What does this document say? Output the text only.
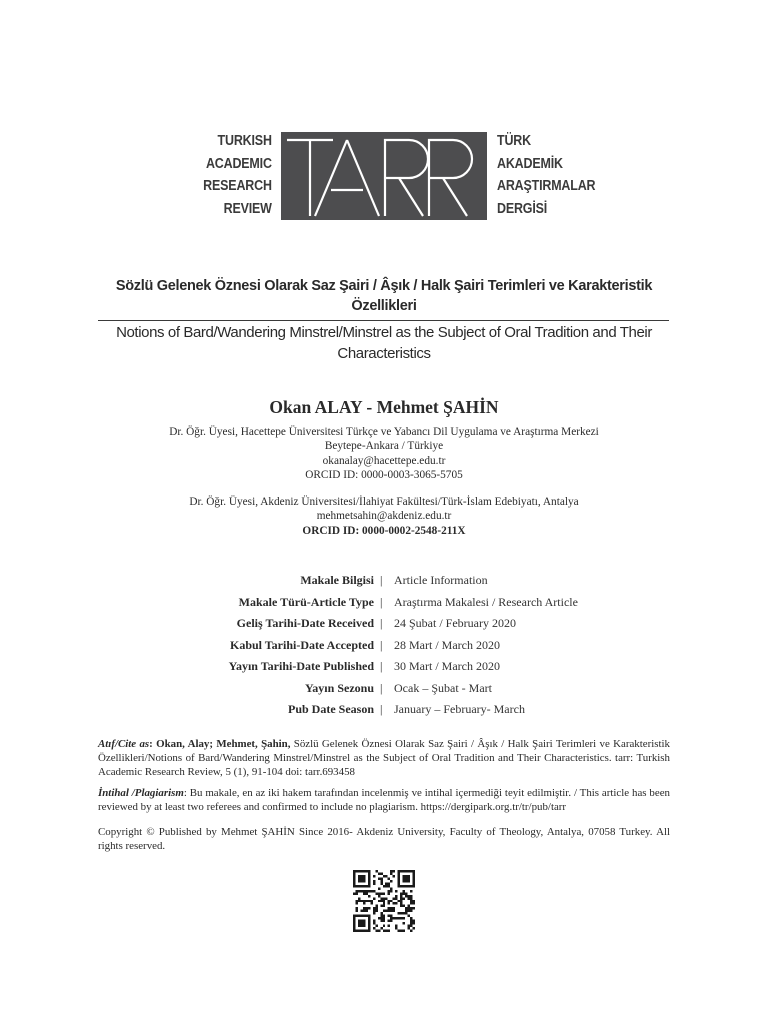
TURKISH
ACADEMIC
RESEARCH
REVIEW
TÜRK
AKADEMİK
ARAŞTIRMALAR
DERGİSİ
Sözlü Gelenek Öznesi Olarak Saz Şairi / Âşık / Halk Şairi Terimleri ve Karakteristik Özellikleri
Notions of Bard/Wandering Minstrel/Minstrel as the Subject of Oral Tradition and Their Characteristics
Okan ALAY - Mehmet ŞAHİN
Dr. Öğr. Üyesi, Hacettepe Üniversitesi Türkçe ve Yabancı Dil Uygulama ve Araştırma Merkezi
Beytepe-Ankara / Türkiye
okanalay@hacettepe.edu.tr
ORCID ID: 0000-0003-3065-5705
Dr. Öğr. Üyesi, Akdeniz Üniversitesi/İlahiyat Fakültesi/Türk-İslam Edebiyatı, Antalya
mehmetsahin@akdeniz.edu.tr
ORCID ID: 0000-0002-2548-211X
Makale Bilgisi | Article Information
Makale Türü-Article Type | Araştırma Makalesi / Research Article
Geliş Tarihi-Date Received | 24 Şubat / February 2020
Kabul Tarihi-Date Accepted | 28 Mart / March 2020
Yayın Tarihi-Date Published | 30 Mart / March 2020
Yayın Sezonu | Ocak – Şubat - Mart
Pub Date Season | January – February- March
Atıf/Cite as: Okan, Alay; Mehmet, Şahin, Sözlü Gelenek Öznesi Olarak Saz Şairi / Âşık / Halk Şairi Terimleri ve Karakteristik Özellikleri/Notions of Bard/Wandering Minstrel/Minstrel as the Subject of Oral Tradition and Their Characteristics. tarr: Turkish Academic Research Review, 5 (1), 91-104 doi: tarr.693458
İntihal /Plagiarism: Bu makale, en az iki hakem tarafından incelenmiş ve intihal içermediği teyit edilmiştir. / This article has been reviewed by at least two referees and confirmed to include no plagiarism. https://dergipark.org.tr/tr/pub/tarr
Copyright © Published by Mehmet ŞAHİN Since 2016- Akdeniz University, Faculty of Theology, Antalya, 07058 Turkey. All rights reserved.
